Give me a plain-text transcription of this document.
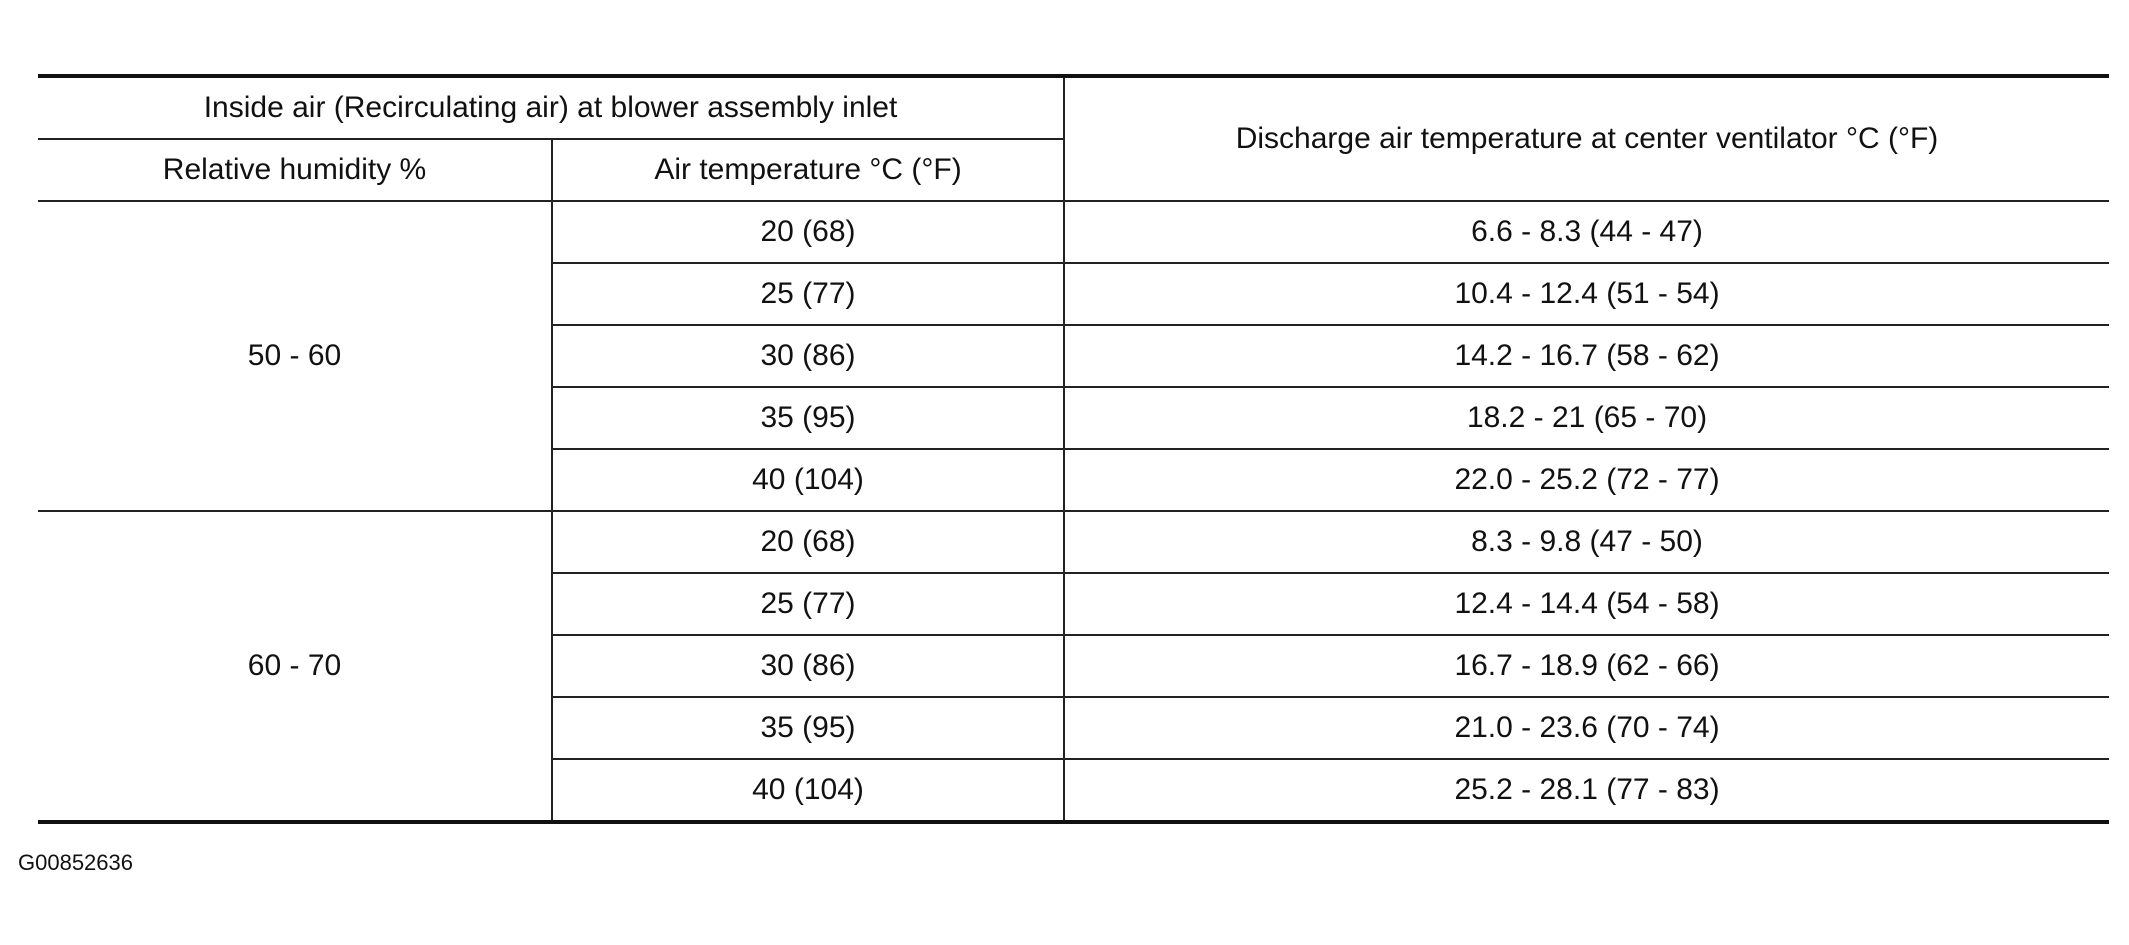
Inside air (Recirculating air) at blower assembly inlet		Discharge air temperature at center ventilator °C (°F)
Relative humidity %	Air temperature °C (°F)	
50 - 60	20 (68)	6.6 - 8.3 (44 - 47)
	25 (77)	10.4 - 12.4 (51 - 54)
	30 (86)	14.2 - 16.7 (58 - 62)
	35 (95)	18.2 - 21 (65 - 70)
	40 (104)	22.0 - 25.2 (72 - 77)
60 - 70	20 (68)	8.3 - 9.8 (47 - 50)
	25 (77)	12.4 - 14.4 (54 - 58)
	30 (86)	16.7 - 18.9 (62 - 66)
	35 (95)	21.0 - 23.6 (70 - 74)
	40 (104)	25.2 - 28.1 (77 - 83)
G00852636
